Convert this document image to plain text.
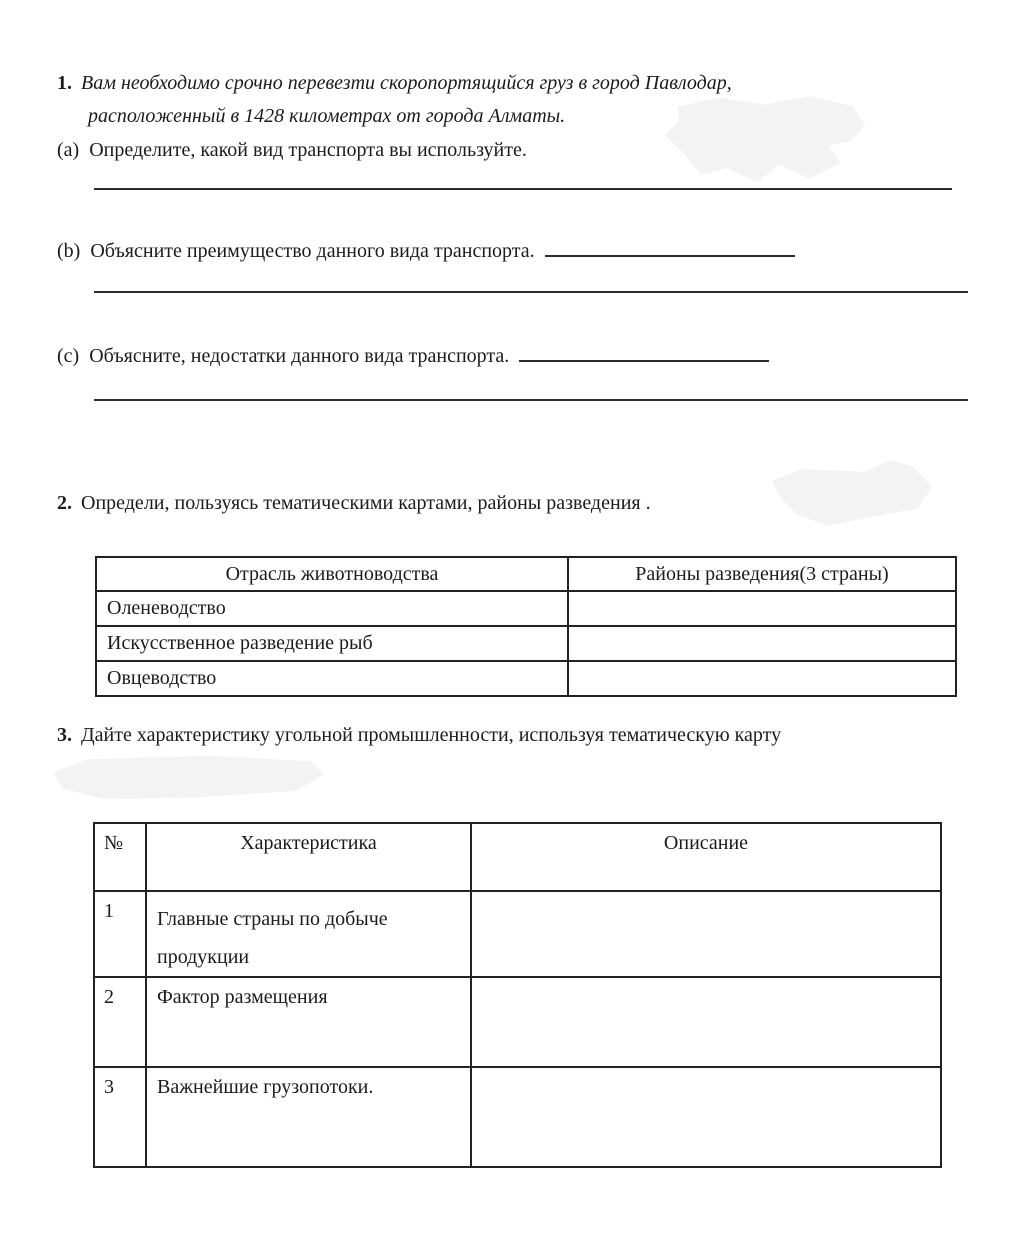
1. Вам необходимо срочно перевезти скоропортящийся груз в город Павлодар,
расположенный в 1428 километрах от города Алматы.
(a) Определите, какой вид транспорта вы используйте.
(b) Объясните преимущество данного вида транспорта.
(c) Объясните, недостатки данного вида транспорта.
2. Определи, пользуясь тематическими картами, районы разведения .
Отрасль животноводства	Районы разведения(3 страны)
Оленеводство	
Искусственное разведение рыб	
Овцеводство	
3. Дайте характеристику угольной промышленности, используя тематическую карту
№	Характеристика	Описание
1	Главные страны по добыче продукции	
2	Фактор размещения	
3	Важнейшие грузопотоки.	
